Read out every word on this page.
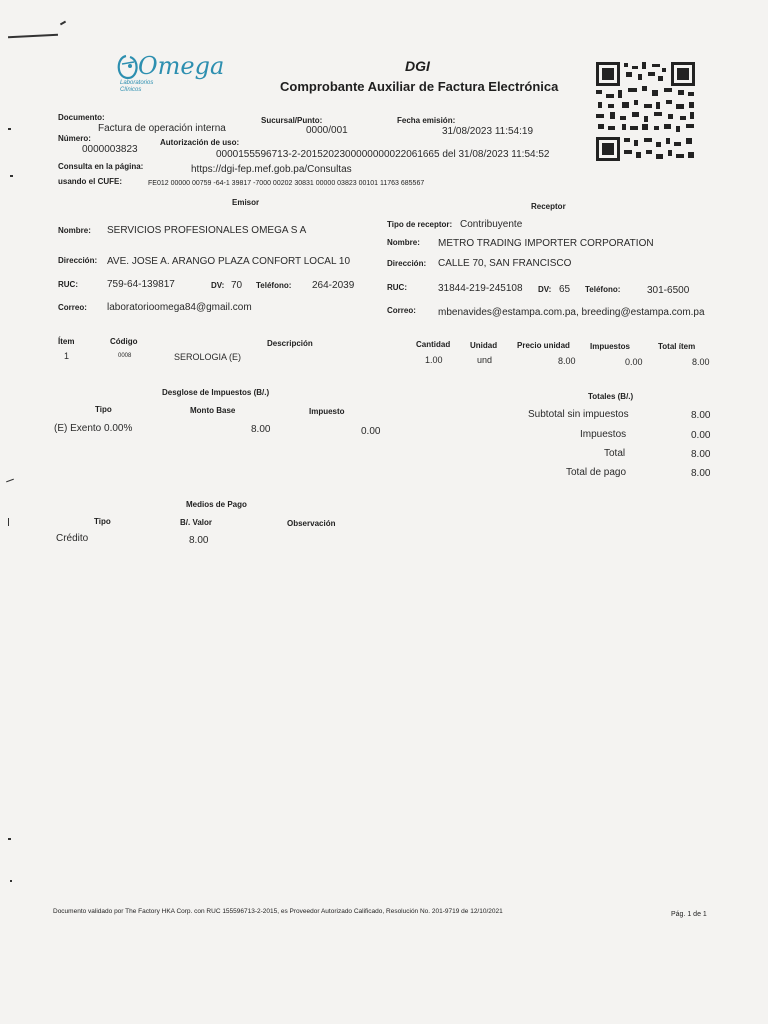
Omega
Laboratorios Clínicos
DGI
Comprobante Auxiliar de Factura Electrónica
Documento:
Factura de operación interna
Sucursal/Punto:
0000/001
Fecha emisión:
31/08/2023 11:54:19
Número:
0000003823
Autorización de uso:
0000155596713-2-2015202300000000022061665 del 31/08/2023 11:54:52
Consulta en la página:	https://dgi-fep.mef.gob.pa/Consultas
usando el CUFE:	FE012 00000 00759 -64-1 39817 -7000 00202 30831 00000 03823 00101 11763 685567
Emisor
Nombre: SERVICIOS PROFESIONALES OMEGA S A
Dirección: AVE. JOSE A. ARANGO PLAZA CONFORT LOCAL 10
RUC:	759-64-139817	DV: 70 Teléfono: 264-2039
Correo: laboratorioomega84@gmail.com
Receptor
Tipo de receptor: Contribuyente
Nombre: METRO TRADING IMPORTER CORPORATION
Dirección: CALLE 70, SAN FRANCISCO
RUC:	31844-219-245108 DV: 65 Teléfono:	301-6500
Correo: mbenavides@estampa.com.pa, breeding@estampa.com.pa
Ítem	Código	Descripción	Cantidad Unidad Precio unidad	Impuestos	Total ítem
1	0008	SEROLOGIA (E)	1.00	und	8.00	0.00	8.00
Desglose de Impuestos (B/.)
Tipo	Monto Base	Impuesto
(E) Exento 0.00%	8.00	0.00
Totales (B/.)
Subtotal sin impuestos	8.00
Impuestos	0.00
Total	8.00
Total de pago	8.00
Medios de Pago
Tipo	B/. Valor	Observación
Crédito	8.00
Documento validado por The Factory HKA Corp. con RUC 155596713-2-2015, es Proveedor Autorizado Calificado, Resolución No. 201-9719 de 12/10/2021	Pág. 1 de 1
